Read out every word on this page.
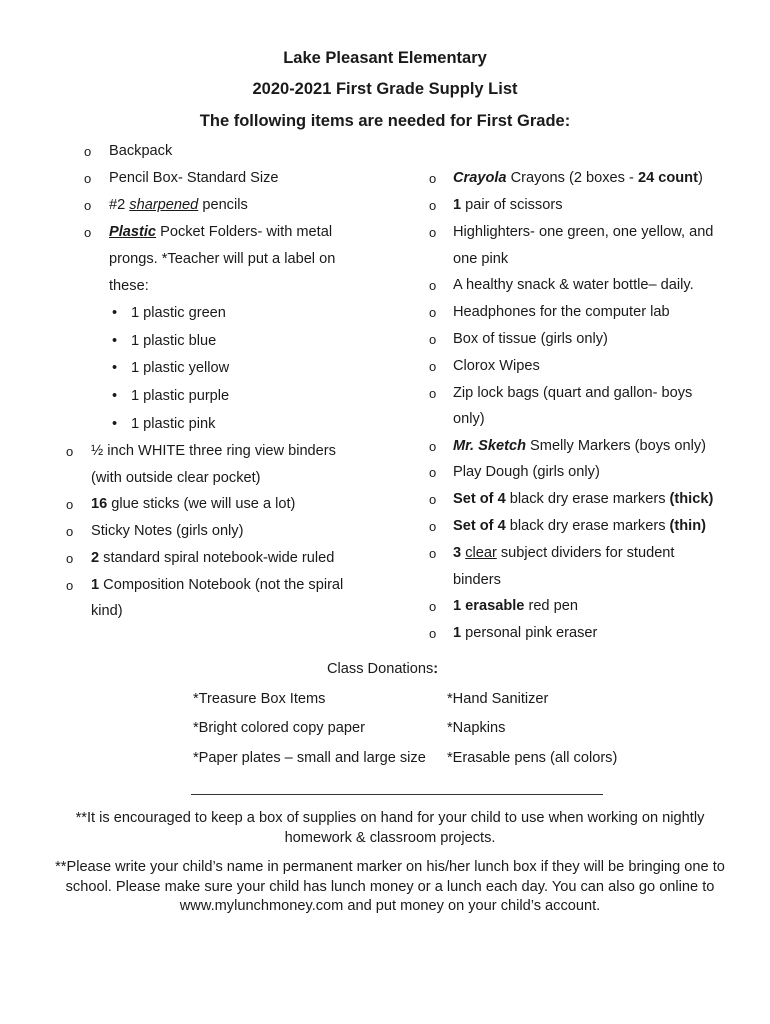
Lake Pleasant Elementary
2020-2021 First Grade Supply List
The following items are needed for First Grade:
o
o
o
o
o
o
o
o
o
Backpack
Pencil Box- Standard Size
#2 sharpened pencils
Plastic Pocket Folders- with metal
prongs. *Teacher will put a label on
these:
•
•
•
•
•
1 plastic green
1 plastic blue
1 plastic yellow
1 plastic purple
1 plastic pink
½ inch WHITE three ring view binders
(with outside clear pocket)
16 glue sticks (we will use a lot)
Sticky Notes (girls only)
2 standard spiral notebook-wide ruled
1 Composition Notebook (not the spiral
kind)
o
o
o
o
o
o
o
o
o
o
o
o
o
o
o
Crayola Crayons (2 boxes - 24 count)
1 pair of scissors
Highlighters- one green, one yellow, and
one pink
A healthy snack & water bottle– daily.
Headphones for the computer lab
Box of tissue (girls only)
Clorox Wipes
Zip lock bags (quart and gallon- boys
only)
Mr. Sketch Smelly Markers (boys only)
Play Dough (girls only)
Set of 4 black dry erase markers (thick)
Set of 4 black dry erase markers (thin)
3 clear subject dividers for student
binders
1 erasable red pen
1 personal pink eraser
Class Donations:
*Treasure Box Items	*Hand Sanitizer
*Bright colored copy paper	*Napkins
*Paper plates – small and large size *Erasable pens (all colors)
**It is encouraged to keep a box of supplies on hand for your child to use when working on nightly homework & classroom projects.
**Please write your child’s name in permanent marker on his/her lunch box if they will be bringing one to school. Please make sure your child has lunch money or a lunch each day. You can also go online to www.mylunchmoney.com and put money on your child’s account.
